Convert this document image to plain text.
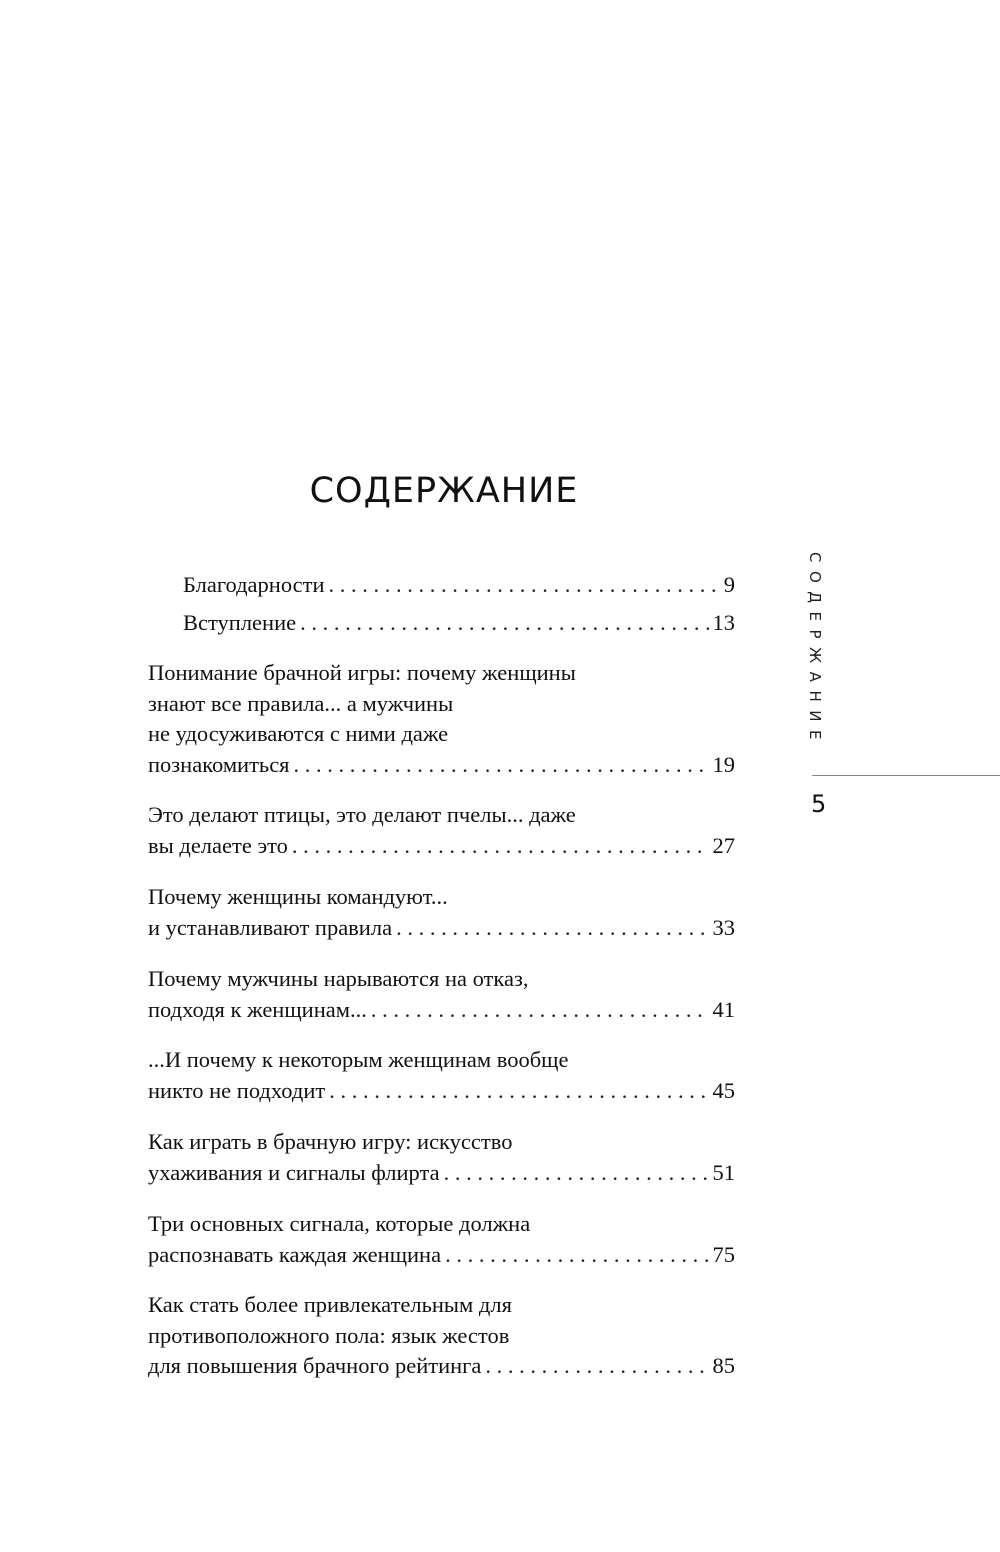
СОДЕРЖАНИЕ
Благодарности . . .	9
Вступление . . .	13
Понимание брачной игры: почему женщины
знают все правила... а мужчины
не удосуживаются с ними даже
познакомиться . . .	19
Это делают птицы, это делают пчелы... даже
вы делаете это . . .	27
Почему женщины командуют...
и устанавливают правила . . .	33
Почему мужчины нарываются на отказ,
подходя к женщинам... . . .	41
...И почему к некоторым женщинам вообще
никто не подходит . . .	45
Как играть в брачную игру: искусство
ухаживания и сигналы флирта . . .	51
Три основных сигнала, которые должна
распознавать каждая женщина . . .	75
Как стать более привлекательным для
противоположного пола: язык жестов
для повышения брачного рейтинга . . .	85
СОДЕРЖАНИЕ
5
